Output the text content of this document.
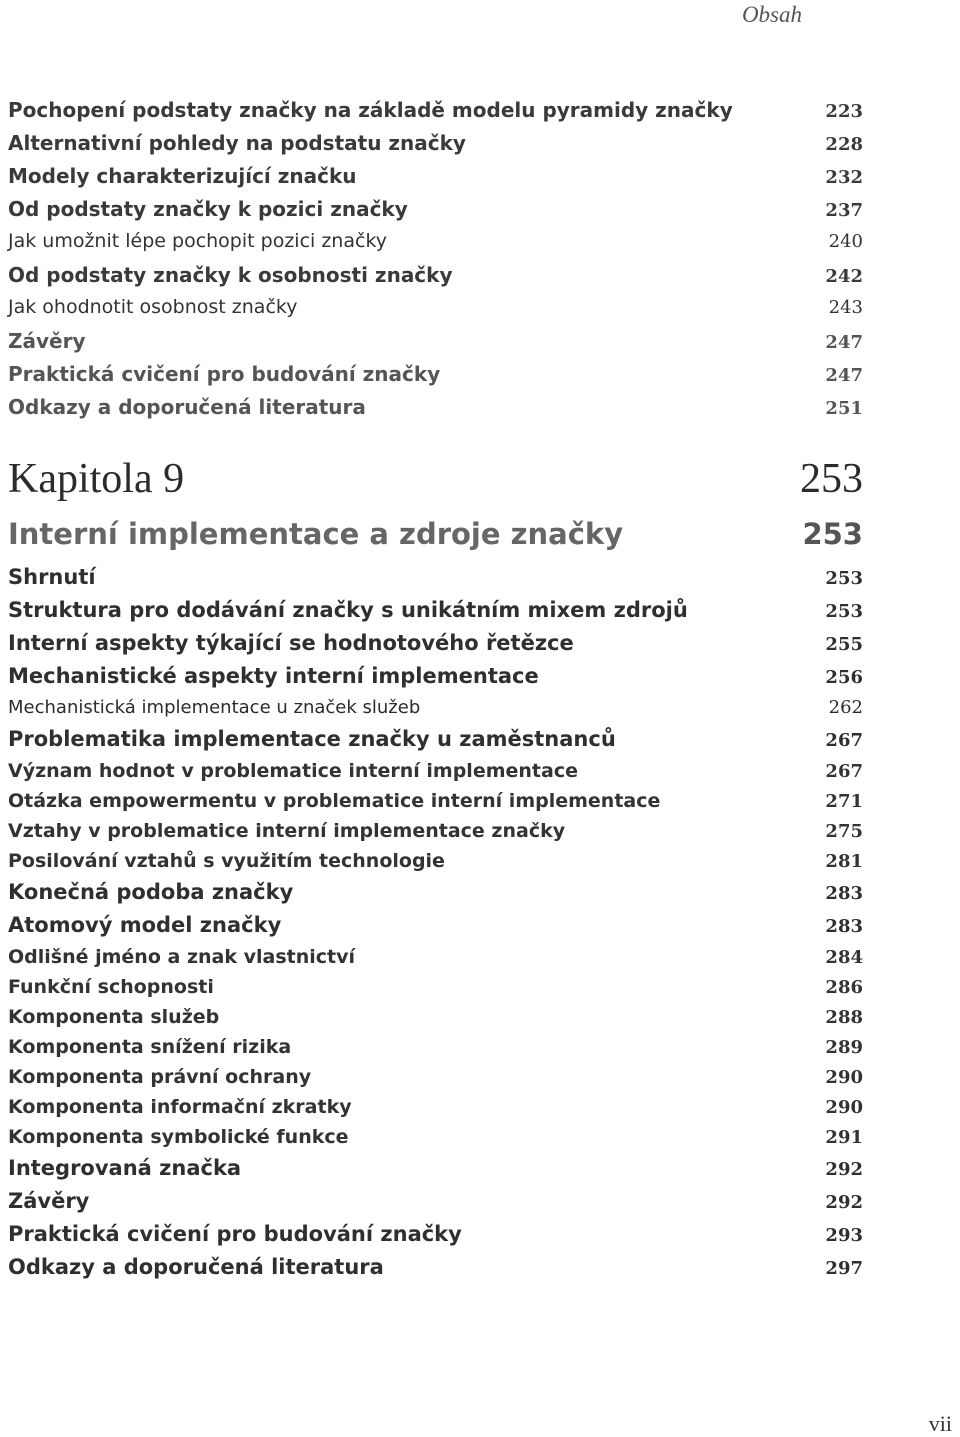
Obsah
Pochopení podstaty značky na základě modelu pyramidy značky	223
Alternativní pohledy na podstatu značky	228
Modely charakterizující značku	232
Od podstaty značky k pozici značky	237
Jak umožnit lépe pochopit pozici značky	240
Od podstaty značky k osobnosti značky	242
Jak ohodnotit osobnost značky	243
Závěry	247
Praktická cvičení pro budování značky	247
Odkazy a doporučená literatura	251
Kapitola 9	253
Interní implementace a zdroje značky	253
Shrnutí	253
Struktura pro dodávání značky s unikátním mixem zdrojů	253
Interní aspekty týkající se hodnotového řetězce	255
Mechanistické aspekty interní implementace	256
Mechanistická implementace u značek služeb	262
Problematika implementace značky u zaměstnanců	267
Význam hodnot v problematice interní implementace	267
Otázka empowermentu v problematice interní implementace	271
Vztahy v problematice interní implementace značky	275
Posilování vztahů s využitím technologie	281
Konečná podoba značky	283
Atomový model značky	283
Odlišné jméno a znak vlastnictví	284
Funkční schopnosti	286
Komponenta služeb	288
Komponenta snížení rizika	289
Komponenta právní ochrany	290
Komponenta informační zkratky	290
Komponenta symbolické funkce	291
Integrovaná značka	292
Závěry	292
Praktická cvičení pro budování značky	293
Odkazy a doporučená literatura	297
vii
